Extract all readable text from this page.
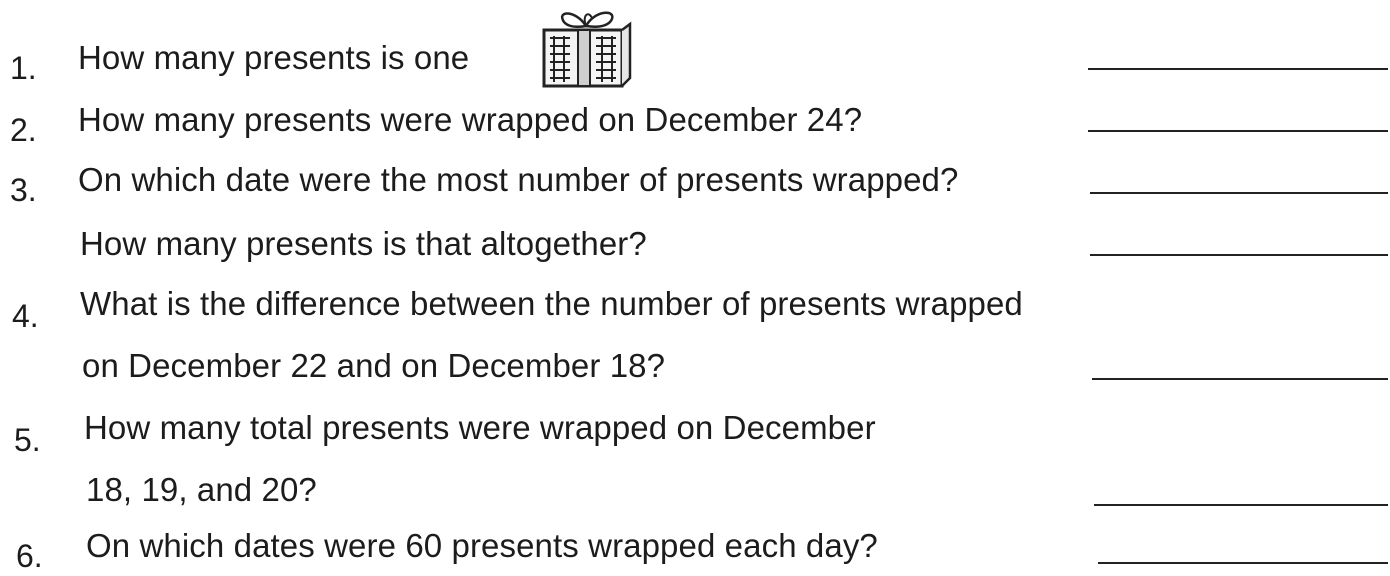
1. How many presents is one
2. How many presents were wrapped on December 24?
3. On which date were the most number of presents wrapped?
How many presents is that altogether?
4. What is the difference between the number of presents wrapped
on December 22 and on December 18?
5. How many total presents were wrapped on December
18, 19, and 20?
6. On which dates were 60 presents wrapped each day?
